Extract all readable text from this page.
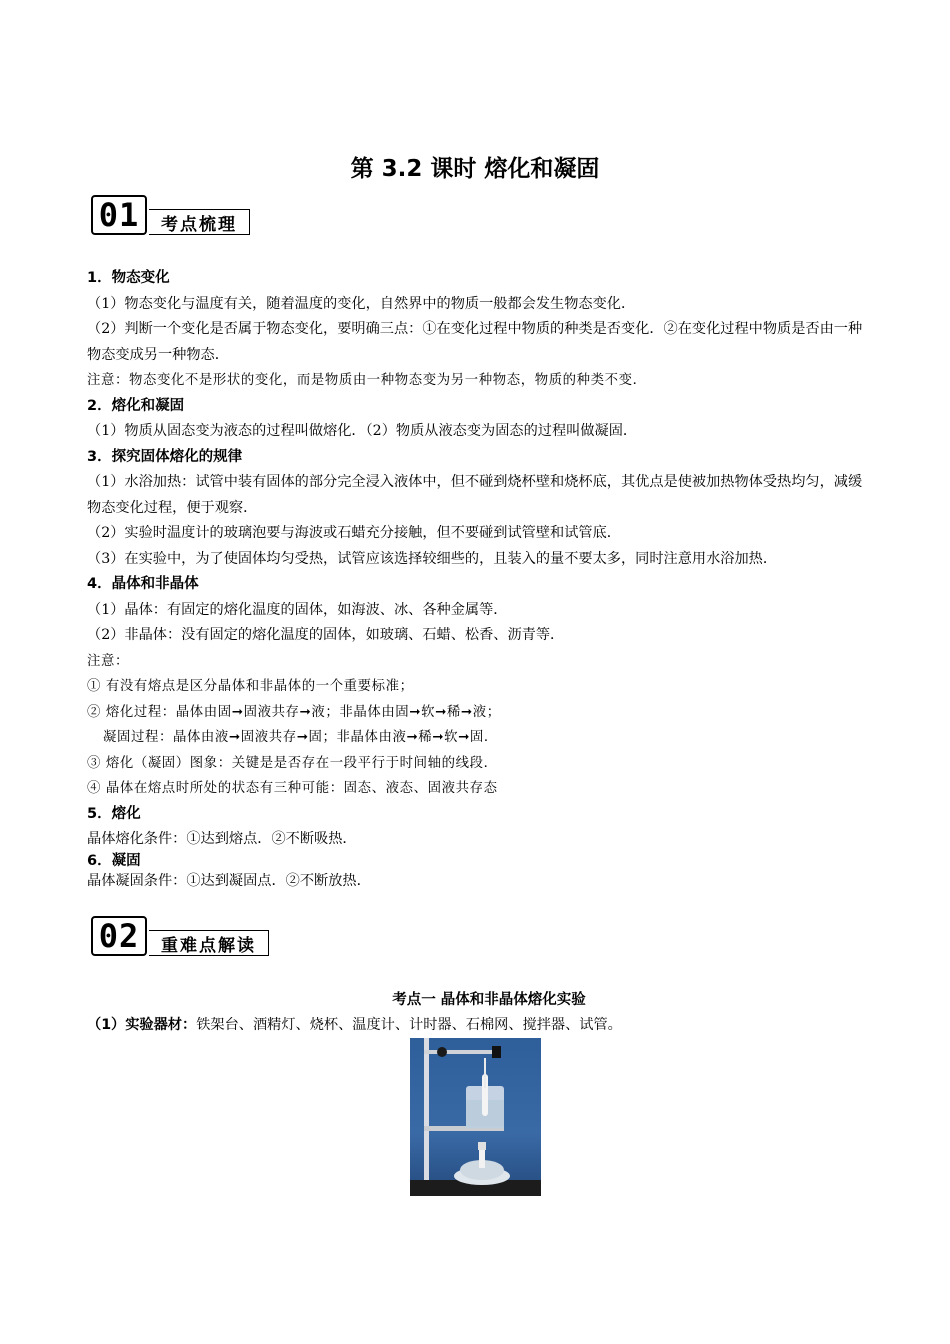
第 3.2 课时 熔化和凝固
01	考点梳理

1．物态变化

（1）物态变化与温度有关，随着温度的变化，自然界中的物质一般都会发生物态变化．

（2）判断一个变化是否属于物态变化，要明确三点：①在变化过程中物质的种类是否变化．②在变化过程中物质是否由一种物态变成另一种物态．

注意：物态变化不是形状的变化，而是物质由一种物态变为另一种物态，物质的种类不变．

2．熔化和凝固

（1）物质从固态变为液态的过程叫做熔化．（2）物质从液态变为固态的过程叫做凝固．

3．探究固体熔化的规律

（1）水浴加热：试管中装有固体的部分完全浸入液体中，但不碰到烧杯壁和烧杯底，其优点是使被加热物体受热均匀，减缓物态变化过程，便于观察．

（2）实验时温度计的玻璃泡要与海波或石蜡充分接触，但不要碰到试管壁和试管底．

（3）在实验中，为了使固体均匀受热，试管应该选择较细些的，且装入的量不要太多，同时注意用水浴加热．

4．晶体和非晶体

（1）晶体：有固定的熔化温度的固体，如海波、冰、各种金属等．

（2）非晶体：没有固定的熔化温度的固体，如玻璃、石蜡、松香、沥青等．

注意：

① 有没有熔点是区分晶体和非晶体的一个重要标准；

② 熔化过程：晶体由固➞固液共存➞液；非晶体由固➞软➞稀➞液；

凝固过程：晶体由液➞固液共存➞固；非晶体由液➞稀➞软➞固．

③ 熔化（凝固）图象：关键是是否存在一段平行于时间轴的线段．

④ 晶体在熔点时所处的状态有三种可能：固态、液态、固液共存态

5．熔化

晶体熔化条件：①达到熔点．②不断吸热．

6．凝固

晶体凝固条件：①达到凝固点．②不断放热．

02	重难点解读
考点一 晶体和非晶体熔化实验
（1）实验器材：铁架台、酒精灯、烧杯、温度计、计时器、石棉网、搅拌器、试管。
